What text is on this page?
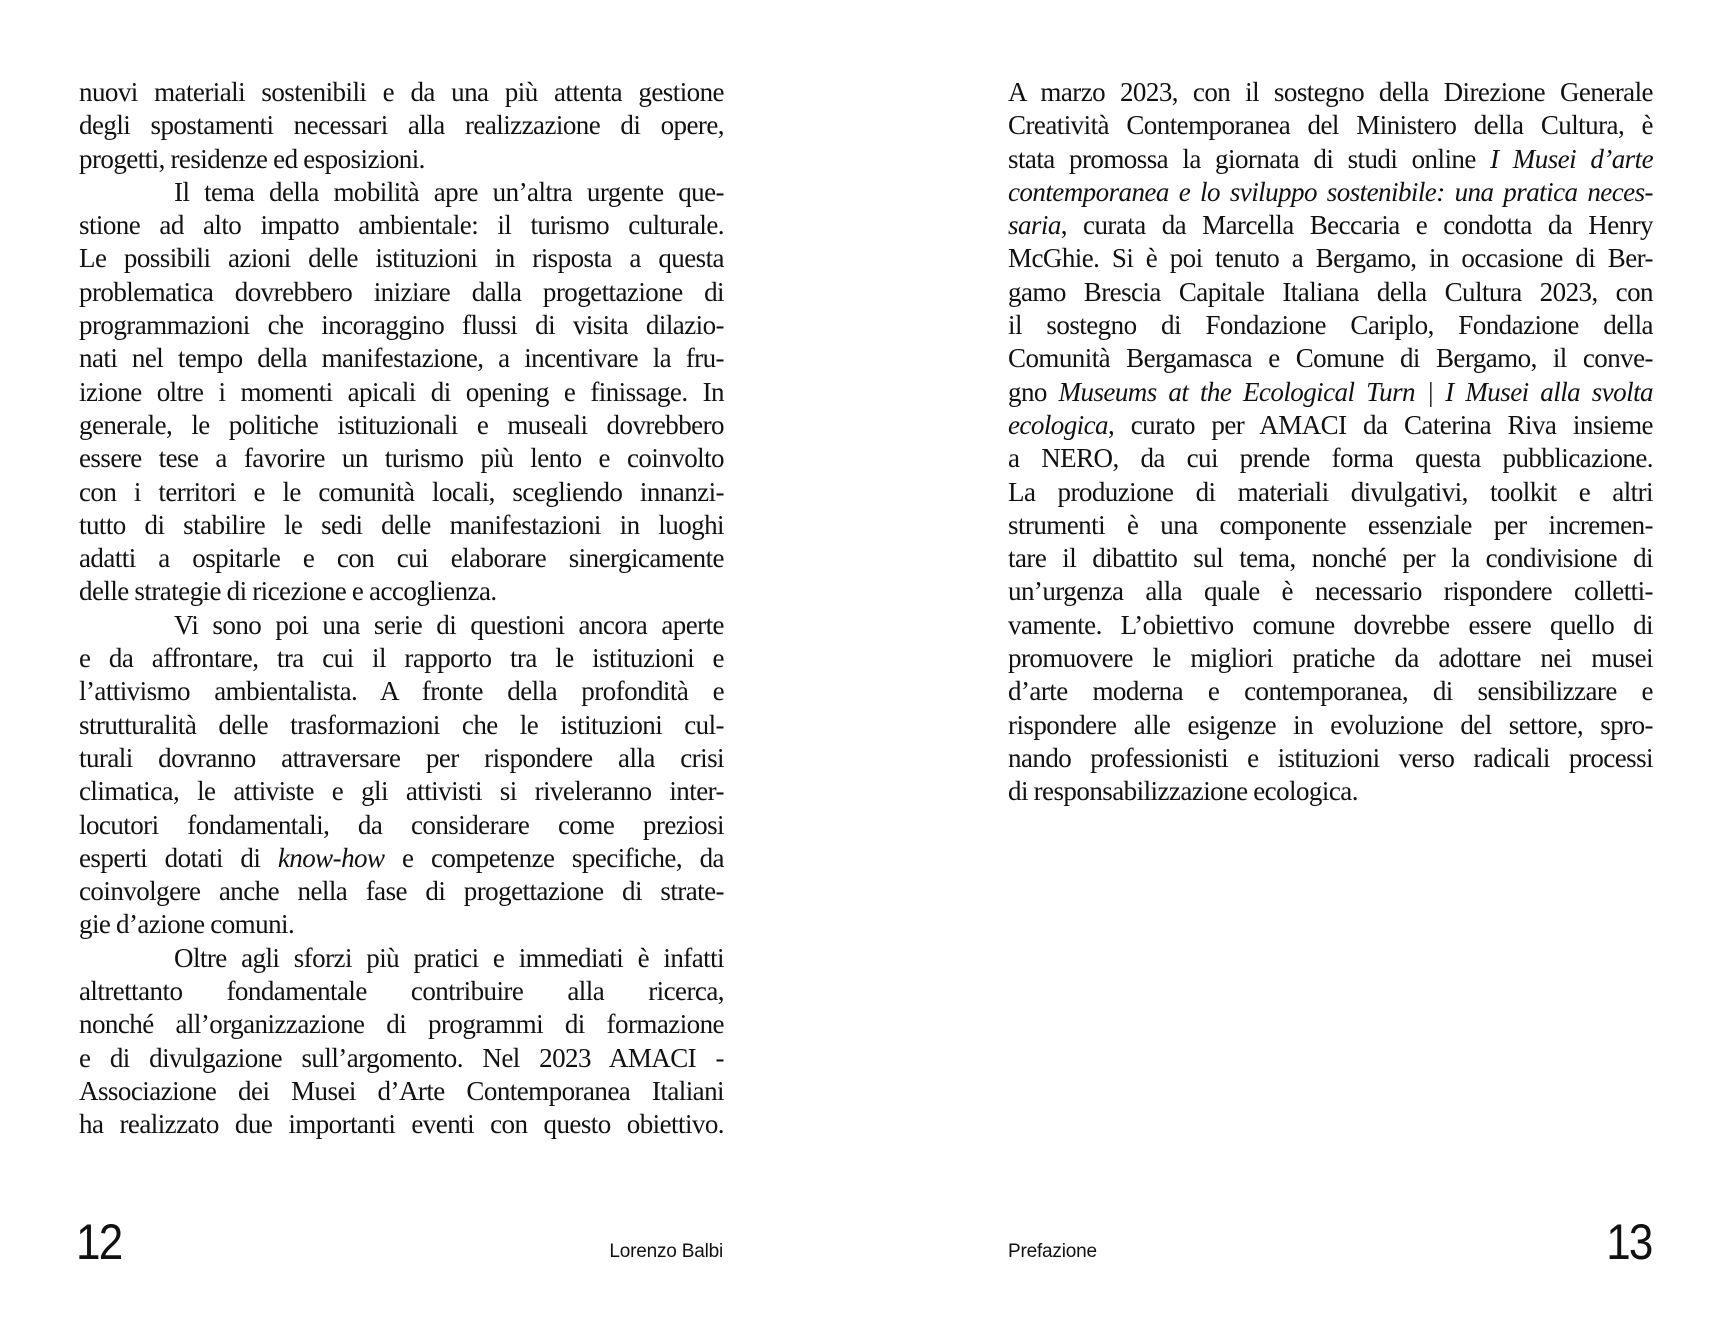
nuovi materiali sostenibili e da una più attenta gestione
degli spostamenti necessari alla realizzazione di opere,
progetti, residenze ed esposizioni.
Il tema della mobilità apre un’altra urgente que-
stione ad alto impatto ambientale: il turismo culturale.
Le possibili azioni delle istituzioni in risposta a questa
problematica dovrebbero iniziare dalla progettazione di
programmazioni che incoraggino flussi di visita dilazio-
nati nel tempo della manifestazione, a incentivare la fru-
izione oltre i momenti apicali di opening e finissage. In
generale, le politiche istituzionali e museali dovrebbero
essere tese a favorire un turismo più lento e coinvolto
con i territori e le comunità locali, scegliendo innanzi-
tutto di stabilire le sedi delle manifestazioni in luoghi
adatti a ospitarle e con cui elaborare sinergicamente
delle strategie di ricezione e accoglienza.
Vi sono poi una serie di questioni ancora aperte
e da affrontare, tra cui il rapporto tra le istituzioni e
l’attivismo ambientalista. A fronte della profondità e
strutturalità delle trasformazioni che le istituzioni cul-
turali dovranno attraversare per rispondere alla crisi
climatica, le attiviste e gli attivisti si riveleranno inter-
locutori fondamentali, da considerare come preziosi
esperti dotati di know-how e competenze specifiche, da
coinvolgere anche nella fase di progettazione di strate-
gie d’azione comuni.
Oltre agli sforzi più pratici e immediati è infatti
altrettanto fondamentale contribuire alla ricerca,
nonché all’organizzazione di programmi di formazione
e di divulgazione sull’argomento. Nel 2023 AMACI -
Associazione dei Musei d’Arte Contemporanea Italiani
ha realizzato due importanti eventi con questo obiettivo.
12	Lorenzo Balbi
A marzo 2023, con il sostegno della Direzione Generale
Creatività Contemporanea del Ministero della Cultura, è
stata promossa la giornata di studi online I Musei d’arte
contemporanea e lo sviluppo sostenibile: una pratica neces-
saria, curata da Marcella Beccaria e condotta da Henry
McGhie. Si è poi tenuto a Bergamo, in occasione di Ber-
gamo Brescia Capitale Italiana della Cultura 2023, con
il sostegno di Fondazione Cariplo, Fondazione della
Comunità Bergamasca e Comune di Bergamo, il conve-
gno Museums at the Ecological Turn | I Musei alla svolta
ecologica, curato per AMACI da Caterina Riva insieme
a NERO, da cui prende forma questa pubblicazione.
La produzione di materiali divulgativi, toolkit e altri
strumenti è una componente essenziale per incremen-
tare il dibattito sul tema, nonché per la condivisione di
un’urgenza alla quale è necessario rispondere colletti-
vamente. L’obiettivo comune dovrebbe essere quello di
promuovere le migliori pratiche da adottare nei musei
d’arte moderna e contemporanea, di sensibilizzare e
rispondere alle esigenze in evoluzione del settore, spro-
nando professionisti e istituzioni verso radicali processi
di responsabilizzazione ecologica.
13
Prefazione
